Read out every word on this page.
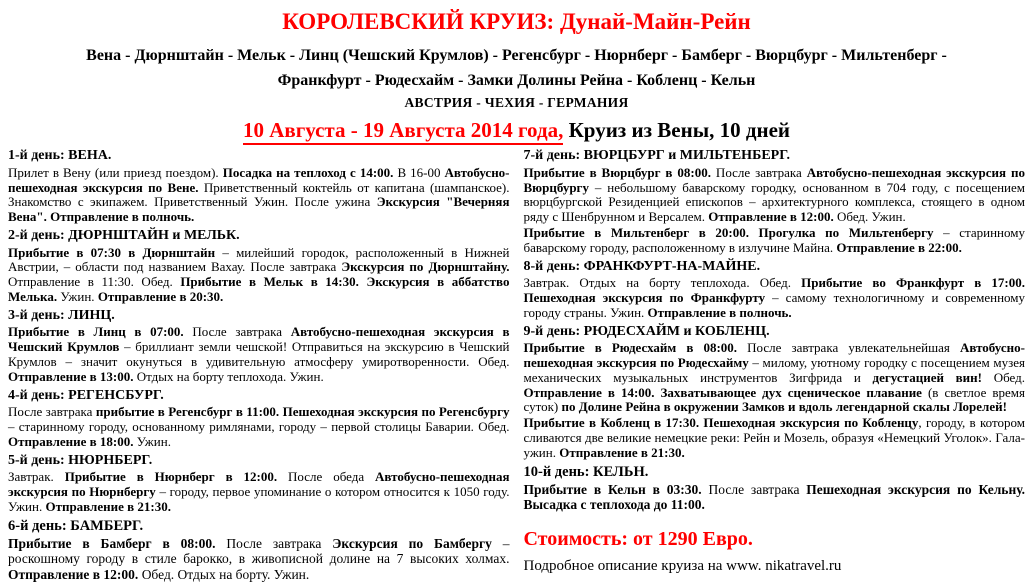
КОРОЛЕВСКИЙ КРУИЗ: Дунай-Майн-Рейн
Вена - Дюрнштайн - Мельк - Линц (Чешский Крумлов) - Регенсбург - Нюрнберг - Бамберг - Вюрцбург - Мильтенберг -
Франкфурт - Рюдесхайм - Замки Долины Рейна - Кобленц - Кельн
АВСТРИЯ - ЧЕХИЯ - ГЕРМАНИЯ
10 Августа - 19 Августа 2014 года, Круиз из Вены, 10 дней
1-й день: ВЕНА.

Прилет в Вену (или приезд поездом). Посадка на теплоход с 14:00. В 16-00 Автобусно-пешеходная экскурсия по Вене. Приветственный коктейль от капитана (шампанское). Знакомство с экипажем. Приветственный Ужин. После ужина Экскурсия "Вечерняя Вена". Отправление в полночь.

2-й день: ДЮРНШТАЙН и МЕЛЬК.

Прибытие в 07:30 в Дюрнштайн – милейший городок, расположенный в Нижней Австрии, – области под названием Вахау. После завтрака Экскурсия по Дюрнштайну. Отправление в 11:30. Обед. Прибытие в Мельк в 14:30. Экскурсия в аббатство Мелька. Ужин. Отправление в 20:30.

3-й день: ЛИНЦ.

Прибытие в Линц в 07:00. После завтрака Автобусно-пешеходная экскурсия в Чешский Крумлов – бриллиант земли чешской! Отправиться на экскурсию в Чешский Крумлов – значит окунуться в удивительную атмосферу умиротворенности. Обед. Отправление в 13:00. Отдых на борту теплохода. Ужин.

4-й день: РЕГЕНСБУРГ.

После завтрака прибытие в Регенсбург в 11:00. Пешеходная экскурсия по Регенсбургу – старинному городу, основанному римлянами, городу – первой столицы Баварии. Обед. Отправление в 18:00. Ужин.

5-й день: НЮРНБЕРГ.

Завтрак. Прибытие в Нюрнберг в 12:00. После обеда Автобусно-пешеходная экскурсия по Нюрнбергу – городу, первое упоминание о котором относится к 1050 году. Ужин. Отправление в 21:30.

6-й день: БАМБЕРГ.

Прибытие в Бамберг в 08:00. После завтрака Экскурсия по Бамбергу – роскошному городу в стиле барокко, в живописной долине на 7 высоких холмах. Отправление в 12:00. Обед. Отдых на борту. Ужин.

7-й день: ВЮРЦБУРГ и МИЛЬТЕНБЕРГ.

Прибытие в Вюрцбург в 08:00. После завтрака Автобусно-пешеходная экскурсия по Вюрцбургу – небольшому баварскому городку, основанном в 704 году, с посещением вюрцбургской Резиденцией епископов – архитектурного комплекса, стоящего в одном ряду с Шенбрунном и Версалем. Отправление в 12:00. Обед. Ужин.

Прибытие в Мильтенберг в 20:00. Прогулка по Мильтенбергу – старинному баварскому городу, расположенному в излучине Майна. Отправление в 22:00.

8-й день: ФРАНКФУРТ-НА-МАЙНЕ.

Завтрак. Отдых на борту теплохода. Обед. Прибытие во Франкфурт в 17:00. Пешеходная экскурсия по Франкфурту – самому технологичному и современному городу страны. Ужин. Отправление в полночь.

9-й день: РЮДЕСХАЙМ и КОБЛЕНЦ.

Прибытие в Рюдесхайм в 08:00. После завтрака увлекательнейшая Автобусно-пешеходная экскурсия по Рюдесхайму – милому, уютному городку с посещением музея механических музыкальных инструментов Зигфрида и дегустацией вин! Обед. Отправление в 14:00. Захватывающее дух сценическое плавание (в светлое время суток) по Долине Рейна в окружении Замков и вдоль легендарной скалы Лорелей!

Прибытие в Кобленц в 17:30. Пешеходная экскурсия по Кобленцу, городу, в котором сливаются две великие немецкие реки: Рейн и Мозель, образуя «Немецкий Уголок». Гала-ужин. Отправление в 21:30.

10-й день: КЕЛЬН.

Прибытие в Кельн в 03:30. После завтрака Пешеходная экскурсия по Кельну. Высадка с теплохода до 11:00.

Стоимость: от 1290 Евро.
Подробное описание круиза на www. nikatravel.ru
